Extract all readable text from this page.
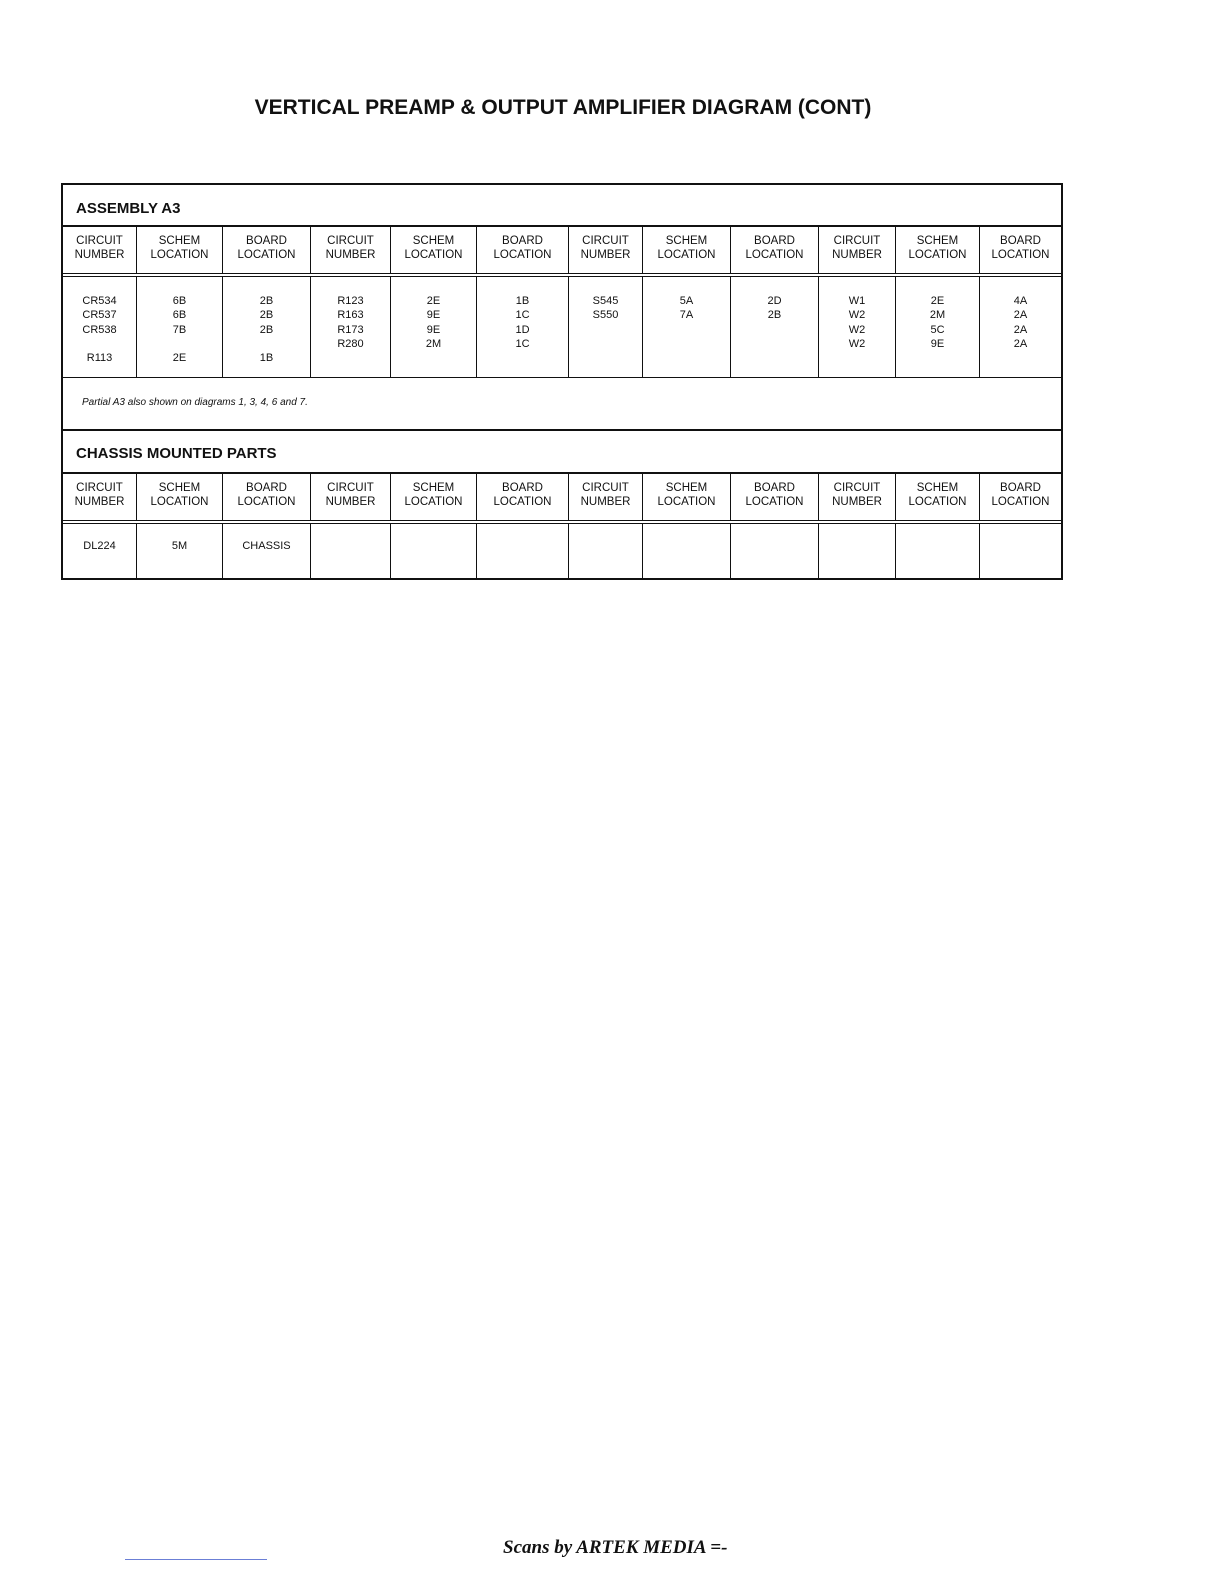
VERTICAL PREAMP & OUTPUT AMPLIFIER DIAGRAM (CONT)
ASSEMBLY A3
CIRCUIT
NUMBER
SCHEM
LOCATION
BOARD
LOCATION
CIRCUIT
NUMBER
SCHEM
LOCATION
BOARD
LOCATION
CIRCUIT
NUMBER
SCHEM
LOCATION
BOARD
LOCATION
CIRCUIT
NUMBER
SCHEM
LOCATION
BOARD
LOCATION
CR534
CR537
CR538
R113
6B
6B
7B
2E
2B
2B
2B
1B
R123
R163
R173
R280
2E
9E
9E
2M
1B
1C
1D
1C
S545
S550
5A
7A
2D
2B
W1
W2
W2
W2
2E
2M
5C
9E
4A
2A
2A
2A
Partial A3 also shown on diagrams 1, 3, 4, 6 and 7.
CHASSIS MOUNTED PARTS
CIRCUIT
NUMBER
SCHEM
LOCATION
BOARD
LOCATION
CIRCUIT
NUMBER
SCHEM
LOCATION
BOARD
LOCATION
CIRCUIT
NUMBER
SCHEM
LOCATION
BOARD
LOCATION
CIRCUIT
NUMBER
SCHEM
LOCATION
BOARD
LOCATION
DL224	5M	CHASSIS
Scans by ARTEK MEDIA =-
